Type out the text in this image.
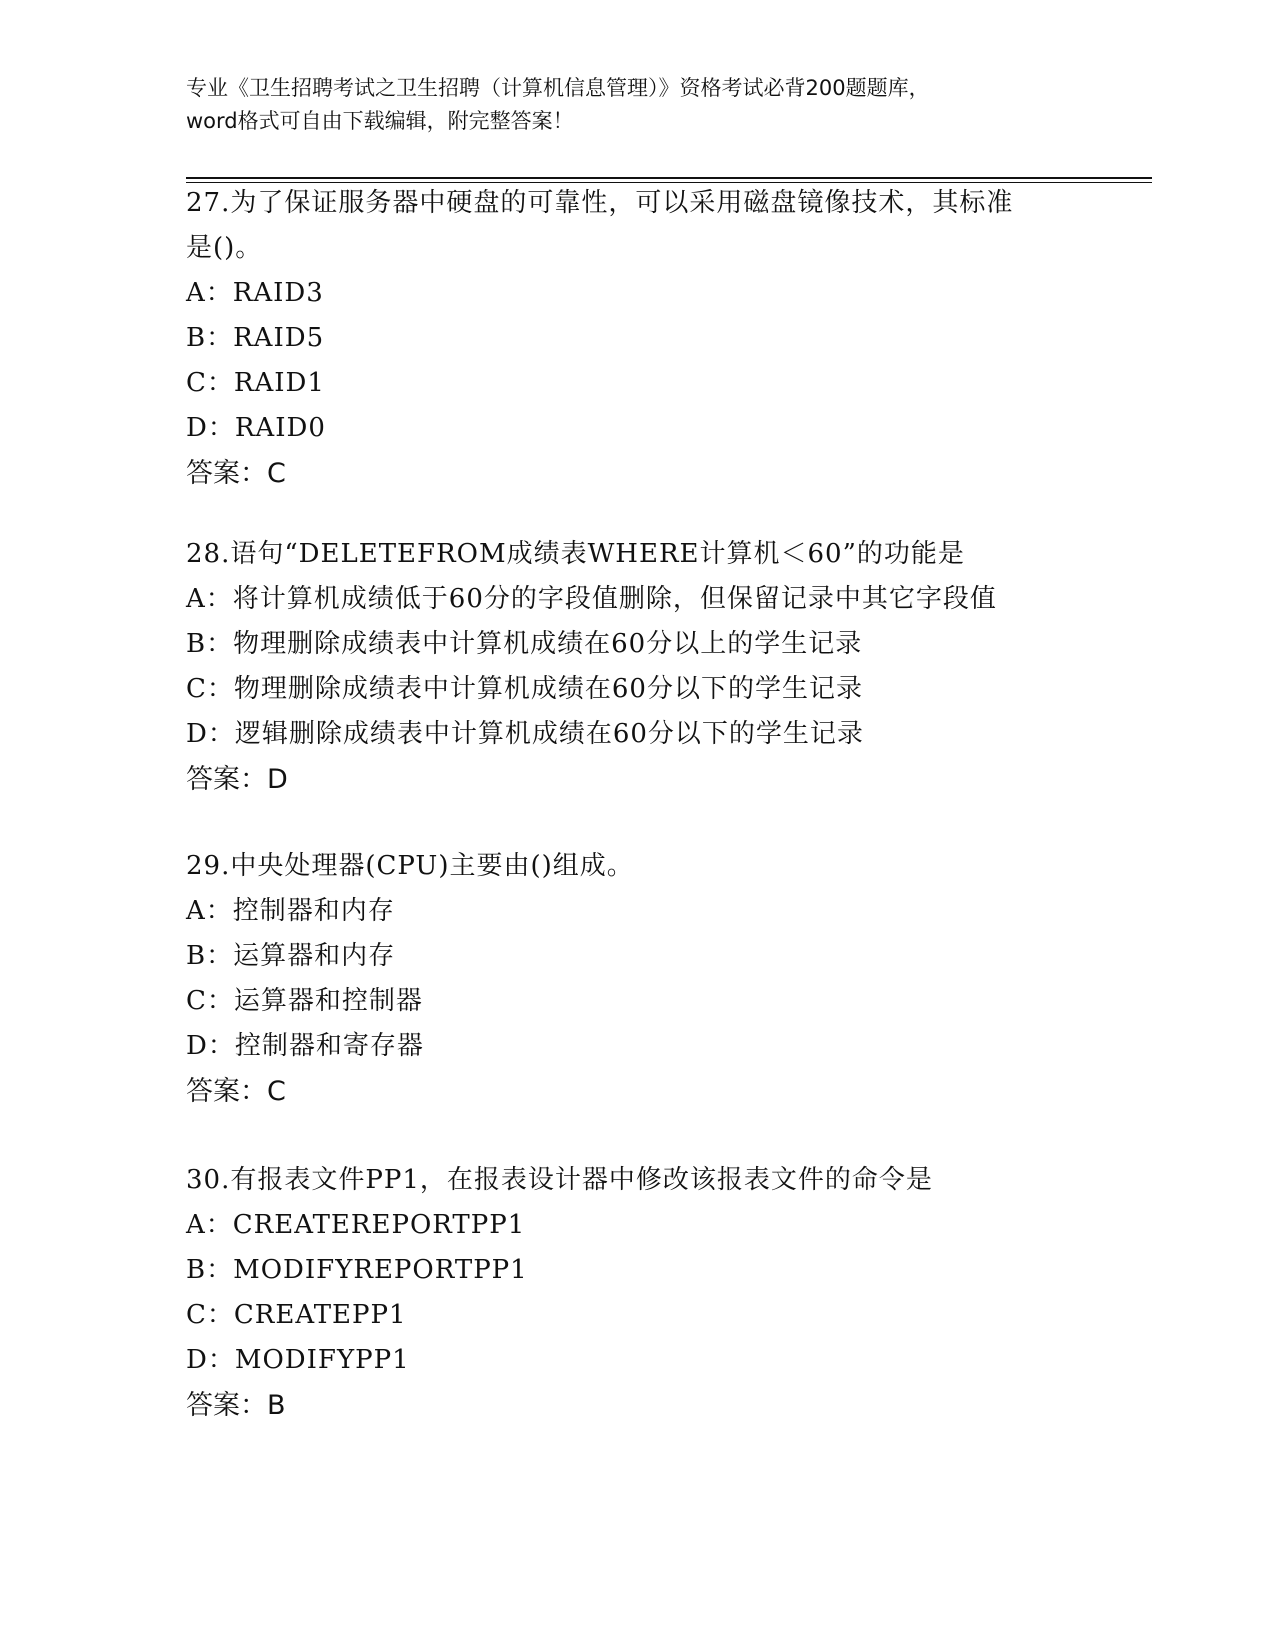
专业《卫生招聘考试之卫生招聘（计算机信息管理）》资格考试必背200题题库，
word格式可自由下载编辑，附完整答案！

27.为了保证服务器中硬盘的可靠性，可以采用磁盘镜像技术，其标准

是()。

A：RAID3

B：RAID5

C：RAID1

D：RAID0

答案：C

28.语句“DELETEFROM成绩表WHERE计算机＜60”的功能是

A：将计算机成绩低于60分的字段值删除，但保留记录中其它字段值

B：物理删除成绩表中计算机成绩在60分以上的学生记录

C：物理删除成绩表中计算机成绩在60分以下的学生记录

D：逻辑删除成绩表中计算机成绩在60分以下的学生记录

答案：D

29.中央处理器(CPU)主要由()组成。

A：控制器和内存

B：运算器和内存

C：运算器和控制器

D：控制器和寄存器

答案：C

30.有报表文件PP1，在报表设计器中修改该报表文件的命令是

A：CREATEREPORTPP1

B：MODIFYREPORTPP1

C：CREATEPP1

D：MODIFYPP1

答案：B
